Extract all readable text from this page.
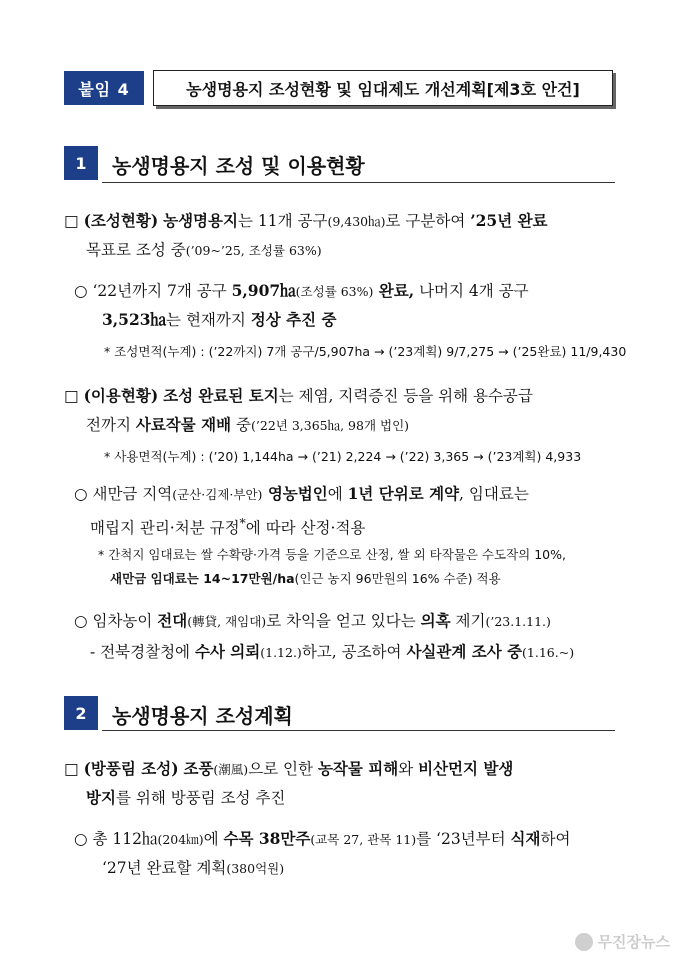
붙임 4	농생명용지 조성현황 및 임대제도 개선계획[제3호 안건]
1	농생명용지 조성 및 이용현황
□ (조성현황) 농생명용지는 11개 공구(9,430㏊)로 구분하여 ’25년 완료
목표로 조성 중(’09~’25, 조성률 63%)
○ ‘22년까지 7개 공구 5,907㏊(조성률 63%) 완료, 나머지 4개 공구
3,523㏊는 현재까지 정상 추진 중
* 조성면적(누계) : (’22까지) 7개 공구/5,907ha → (’23계획) 9/7,275 → (’25완료) 11/9,430
□ (이용현황) 조성 완료된 토지는 제염, 지력증진 등을 위해 용수공급
전까지 사료작물 재배 중(’22년 3,365㏊, 98개 법인)
* 사용면적(누계) : (’20) 1,144ha → (’21) 2,224 → (’22) 3,365 → (’23계획) 4,933
○ 새만금 지역(군산·김제·부안) 영농법인에 1년 단위로 계약, 임대료는
매립지 관리·처분 규정*에 따라 산정·적용
* 간척지 임대료는 쌀 수확량·가격 등을 기준으로 산정, 쌀 외 타작물은 수도작의 10%,
새만금 임대료는 14~17만원/ha(인근 농지 96만원의 16% 수준) 적용
○ 임차농이 전대(轉貸, 재임대)로 차익을 얻고 있다는 의혹 제기(’23.1.11.)
- 전북경찰청에 수사 의뢰(1.12.)하고, 공조하여 사실관계 조사 중(1.16.~)
2	농생명용지 조성계획
□ (방풍림 조성) 조풍(潮風)으로 인한 농작물 피해와 비산먼지 발생
방지를 위해 방풍림 조성 추진
○ 총 112㏊(204㎞)에 수목 38만주(교목 27, 관목 11)를 ‘23년부터 식재하여
‘27년 완료할 계획(380억원)
무진장뉴스
